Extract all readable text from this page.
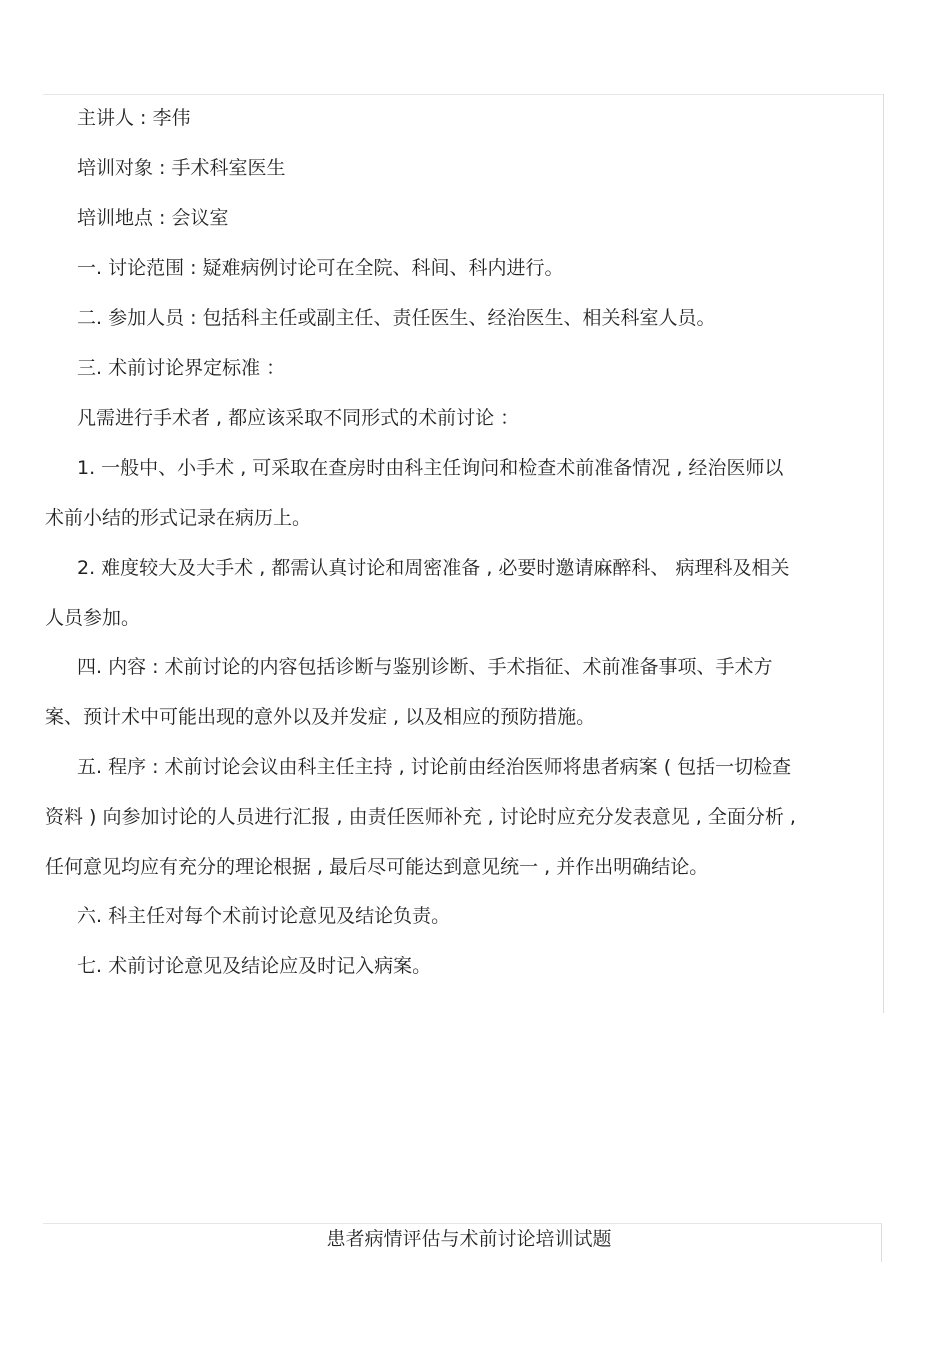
主讲人 : 李伟

培训对象 : 手术科室医生

培训地点 : 会议室

一. 讨论范围 : 疑难病例讨论可在全院、科间、科内进行。

二. 参加人员 : 包括科主任或副主任、责任医生、经治医生、相关科室人员。

三. 术前讨论界定标准 ：

凡需进行手术者 , 都应该采取不同形式的术前讨论 ：

1. 一般中、小手术 , 可采取在查房时由科主任询问和检查术前准备情况 , 经治医师以

术前小结的形式记录在病历上。

2. 难度较大及大手术 , 都需认真讨论和周密准备 , 必要时邀请麻醉科、 病理科及相关

人员参加。

四. 内容 : 术前讨论的内容包括诊断与鉴别诊断、手术指征、术前准备事项、手术方

案、预计术中可能出现的意外以及并发症 , 以及相应的预防措施。

五. 程序 : 术前讨论会议由科主任主持 , 讨论前由经治医师将患者病案 ( 包括一切检查

资料 ) 向参加讨论的人员进行汇报 , 由责任医师补充 , 讨论时应充分发表意见 , 全面分析 ,

任何意见均应有充分的理论根据 , 最后尽可能达到意见统一 , 并作出明确结论。

六. 科主任对每个术前讨论意见及结论负责。

七. 术前讨论意见及结论应及时记入病案。

患者病情评估与术前讨论培训试题
